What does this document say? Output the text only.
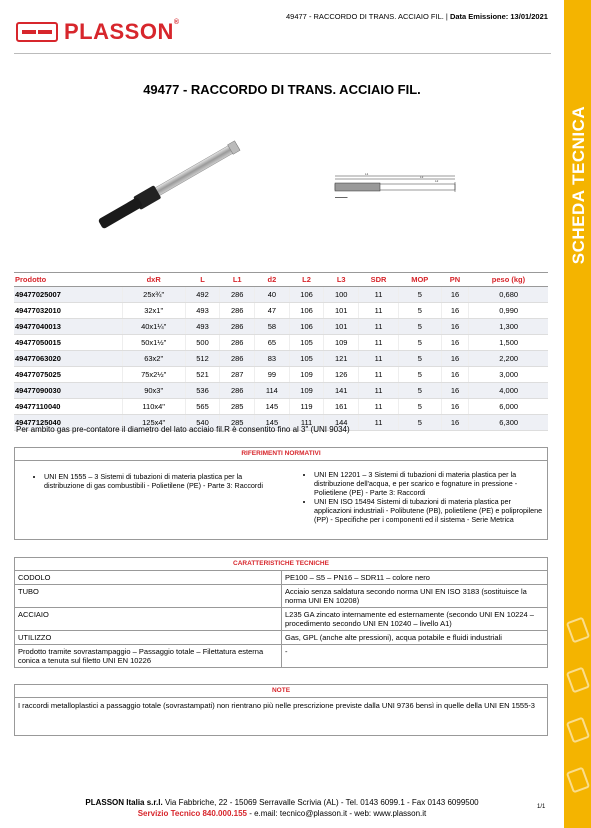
SCHEDA TECNICA
PLASSON®
49477 - RACCORDO DI TRANS. ACCIAIO FIL. | Data Emissione: 13/01/2021
49477 - RACCORDO DI TRANS. ACCIAIO FIL.
L1
L3
L2
▬▬▬▬▬
Prodotto	dxR	L	L1	d2	L2	L3	SDR	MOP	PN	peso (kg)
49477025007	25x¾"	492	286	40	106	100	11	5	16	0,680
49477032010	32x1"	493	286	47	106	101	11	5	16	0,990
49477040013	40x1¼"	493	286	58	106	101	11	5	16	1,300
49477050015	50x1½"	500	286	65	105	109	11	5	16	1,500
49477063020	63x2"	512	286	83	105	121	11	5	16	2,200
49477075025	75x2½"	521	287	99	109	126	11	5	16	3,000
49477090030	90x3"	536	286	114	109	141	11	5	16	4,000
49477110040	110x4"	565	285	145	119	161	11	5	16	6,000
49477125040	125x4"	540	285	145	111	144	11	5	16	6,300
Per ambito gas pre-contatore il diametro del lato acciaio fil.R è consentito fino al 3" (UNI 9034)
RIFERIMENTI NORMATIVI
• UNI EN 1555 – 3 Sistemi di tubazioni di materia plastica per la distribuzione di gas combustibili - Polietilene (PE) - Parte 3: Raccordi
• UNI EN 12201 – 3 Sistemi di tubazioni di materia plastica per la distribuzione dell'acqua, e per scarico e fognature in pressione - Polietilene (PE) - Parte 3: Raccordi
• UNI EN ISO 15494 Sistemi di tubazioni di materia plastica per applicazioni industriali - Polibutene (PB), polietilene (PE) e polipropilene (PP) - Specifiche per i componenti ed il sistema - Serie Metrica
CARATTERISTICHE TECNICHE
CODOLO	PE100 – S5 – PN16 – SDR11 – colore nero
TUBO	Acciaio senza saldatura secondo norma UNI EN ISO 3183 (sostituisce la norma UNI EN 10208)
ACCIAIO	L235 GA zincato internamente ed esternamente (secondo UNI EN 10224 – procedimento secondo UNI EN 10240 – livello A1)
UTILIZZO	Gas, GPL (anche alte pressioni), acqua potabile e fluidi industriali
Prodotto tramite sovrastampaggio – Passaggio totale – Filettatura esterna conica a tenuta sul filetto UNI EN 10226	-
NOTE
I raccordi metalloplastici a passaggio totale (sovrastampati) non rientrano più nelle prescrizione previste dalla UNI 9736 bensì in quelle della UNI EN 1555-3
PLASSON Italia s.r.l. Via Fabbriche, 22 - 15069 Serravalle Scrivia (AL) - Tel. 0143 6099.1 - Fax 0143 6099500
Servizio Tecnico 840.000.155 - e.mail: tecnico@plasson.it - web: www.plasson.it
1/1
